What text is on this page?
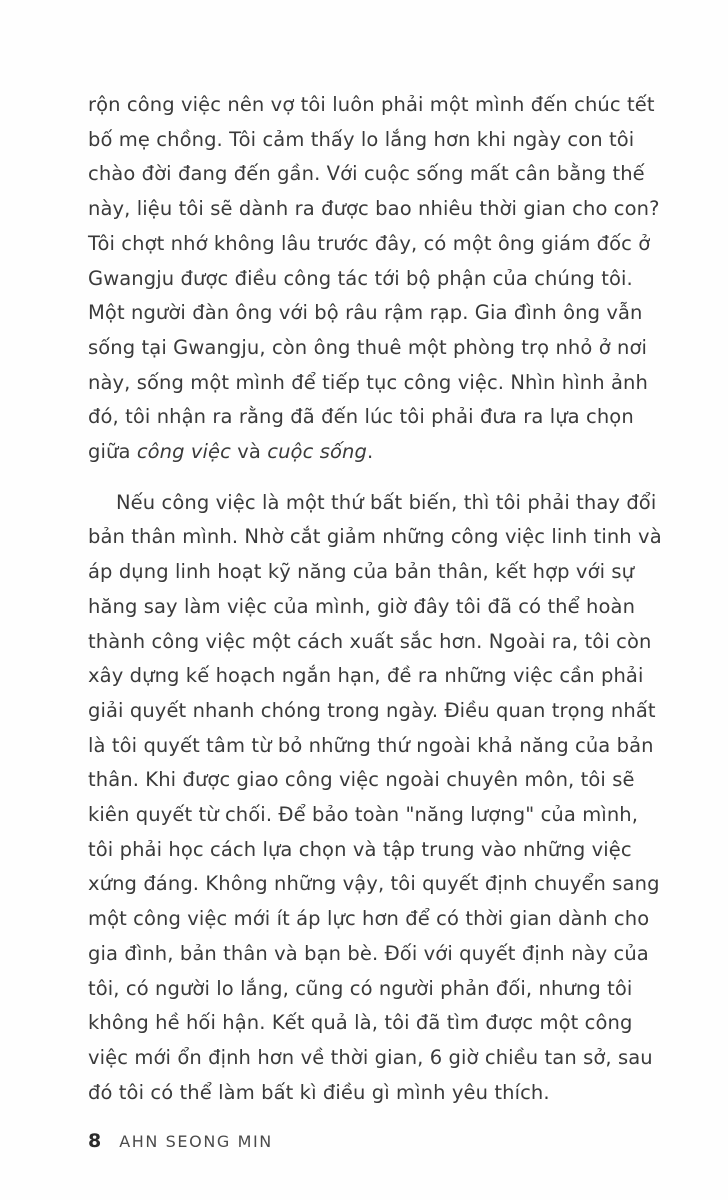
rộn công việc nên vợ tôi luôn phải một mình đến chúc tết bố mẹ chồng. Tôi cảm thấy lo lắng hơn khi ngày con tôi chào đời đang đến gần. Với cuộc sống mất cân bằng thế này, liệu tôi sẽ dành ra được bao nhiêu thời gian cho con? Tôi chợt nhớ không lâu trước đây, có một ông giám đốc ở Gwangju được điều công tác tới bộ phận của chúng tôi. Một người đàn ông với bộ râu rậm rạp. Gia đình ông vẫn sống tại Gwangju, còn ông thuê một phòng trọ nhỏ ở nơi này, sống một mình để tiếp tục công việc. Nhìn hình ảnh đó, tôi nhận ra rằng đã đến lúc tôi phải đưa ra lựa chọn giữa công việc và cuộc sống.

Nếu công việc là một thứ bất biến, thì tôi phải thay đổi bản thân mình. Nhờ cắt giảm những công việc linh tinh và áp dụng linh hoạt kỹ năng của bản thân, kết hợp với sự hăng say làm việc của mình, giờ đây tôi đã có thể hoàn thành công việc một cách xuất sắc hơn. Ngoài ra, tôi còn xây dựng kế hoạch ngắn hạn, đề ra những việc cần phải giải quyết nhanh chóng trong ngày. Điều quan trọng nhất là tôi quyết tâm từ bỏ những thứ ngoài khả năng của bản thân. Khi được giao công việc ngoài chuyên môn, tôi sẽ kiên quyết từ chối. Để bảo toàn "năng lượng" của mình, tôi phải học cách lựa chọn và tập trung vào những việc xứng đáng. Không những vậy, tôi quyết định chuyển sang một công việc mới ít áp lực hơn để có thời gian dành cho gia đình, bản thân và bạn bè. Đối với quyết định này của tôi, có người lo lắng, cũng có người phản đối, nhưng tôi không hề hối hận. Kết quả là, tôi đã tìm được một công việc mới ổn định hơn về thời gian, 6 giờ chiều tan sở, sau đó tôi có thể làm bất kì điều gì mình yêu thích.

8 AHN SEONG MIN
